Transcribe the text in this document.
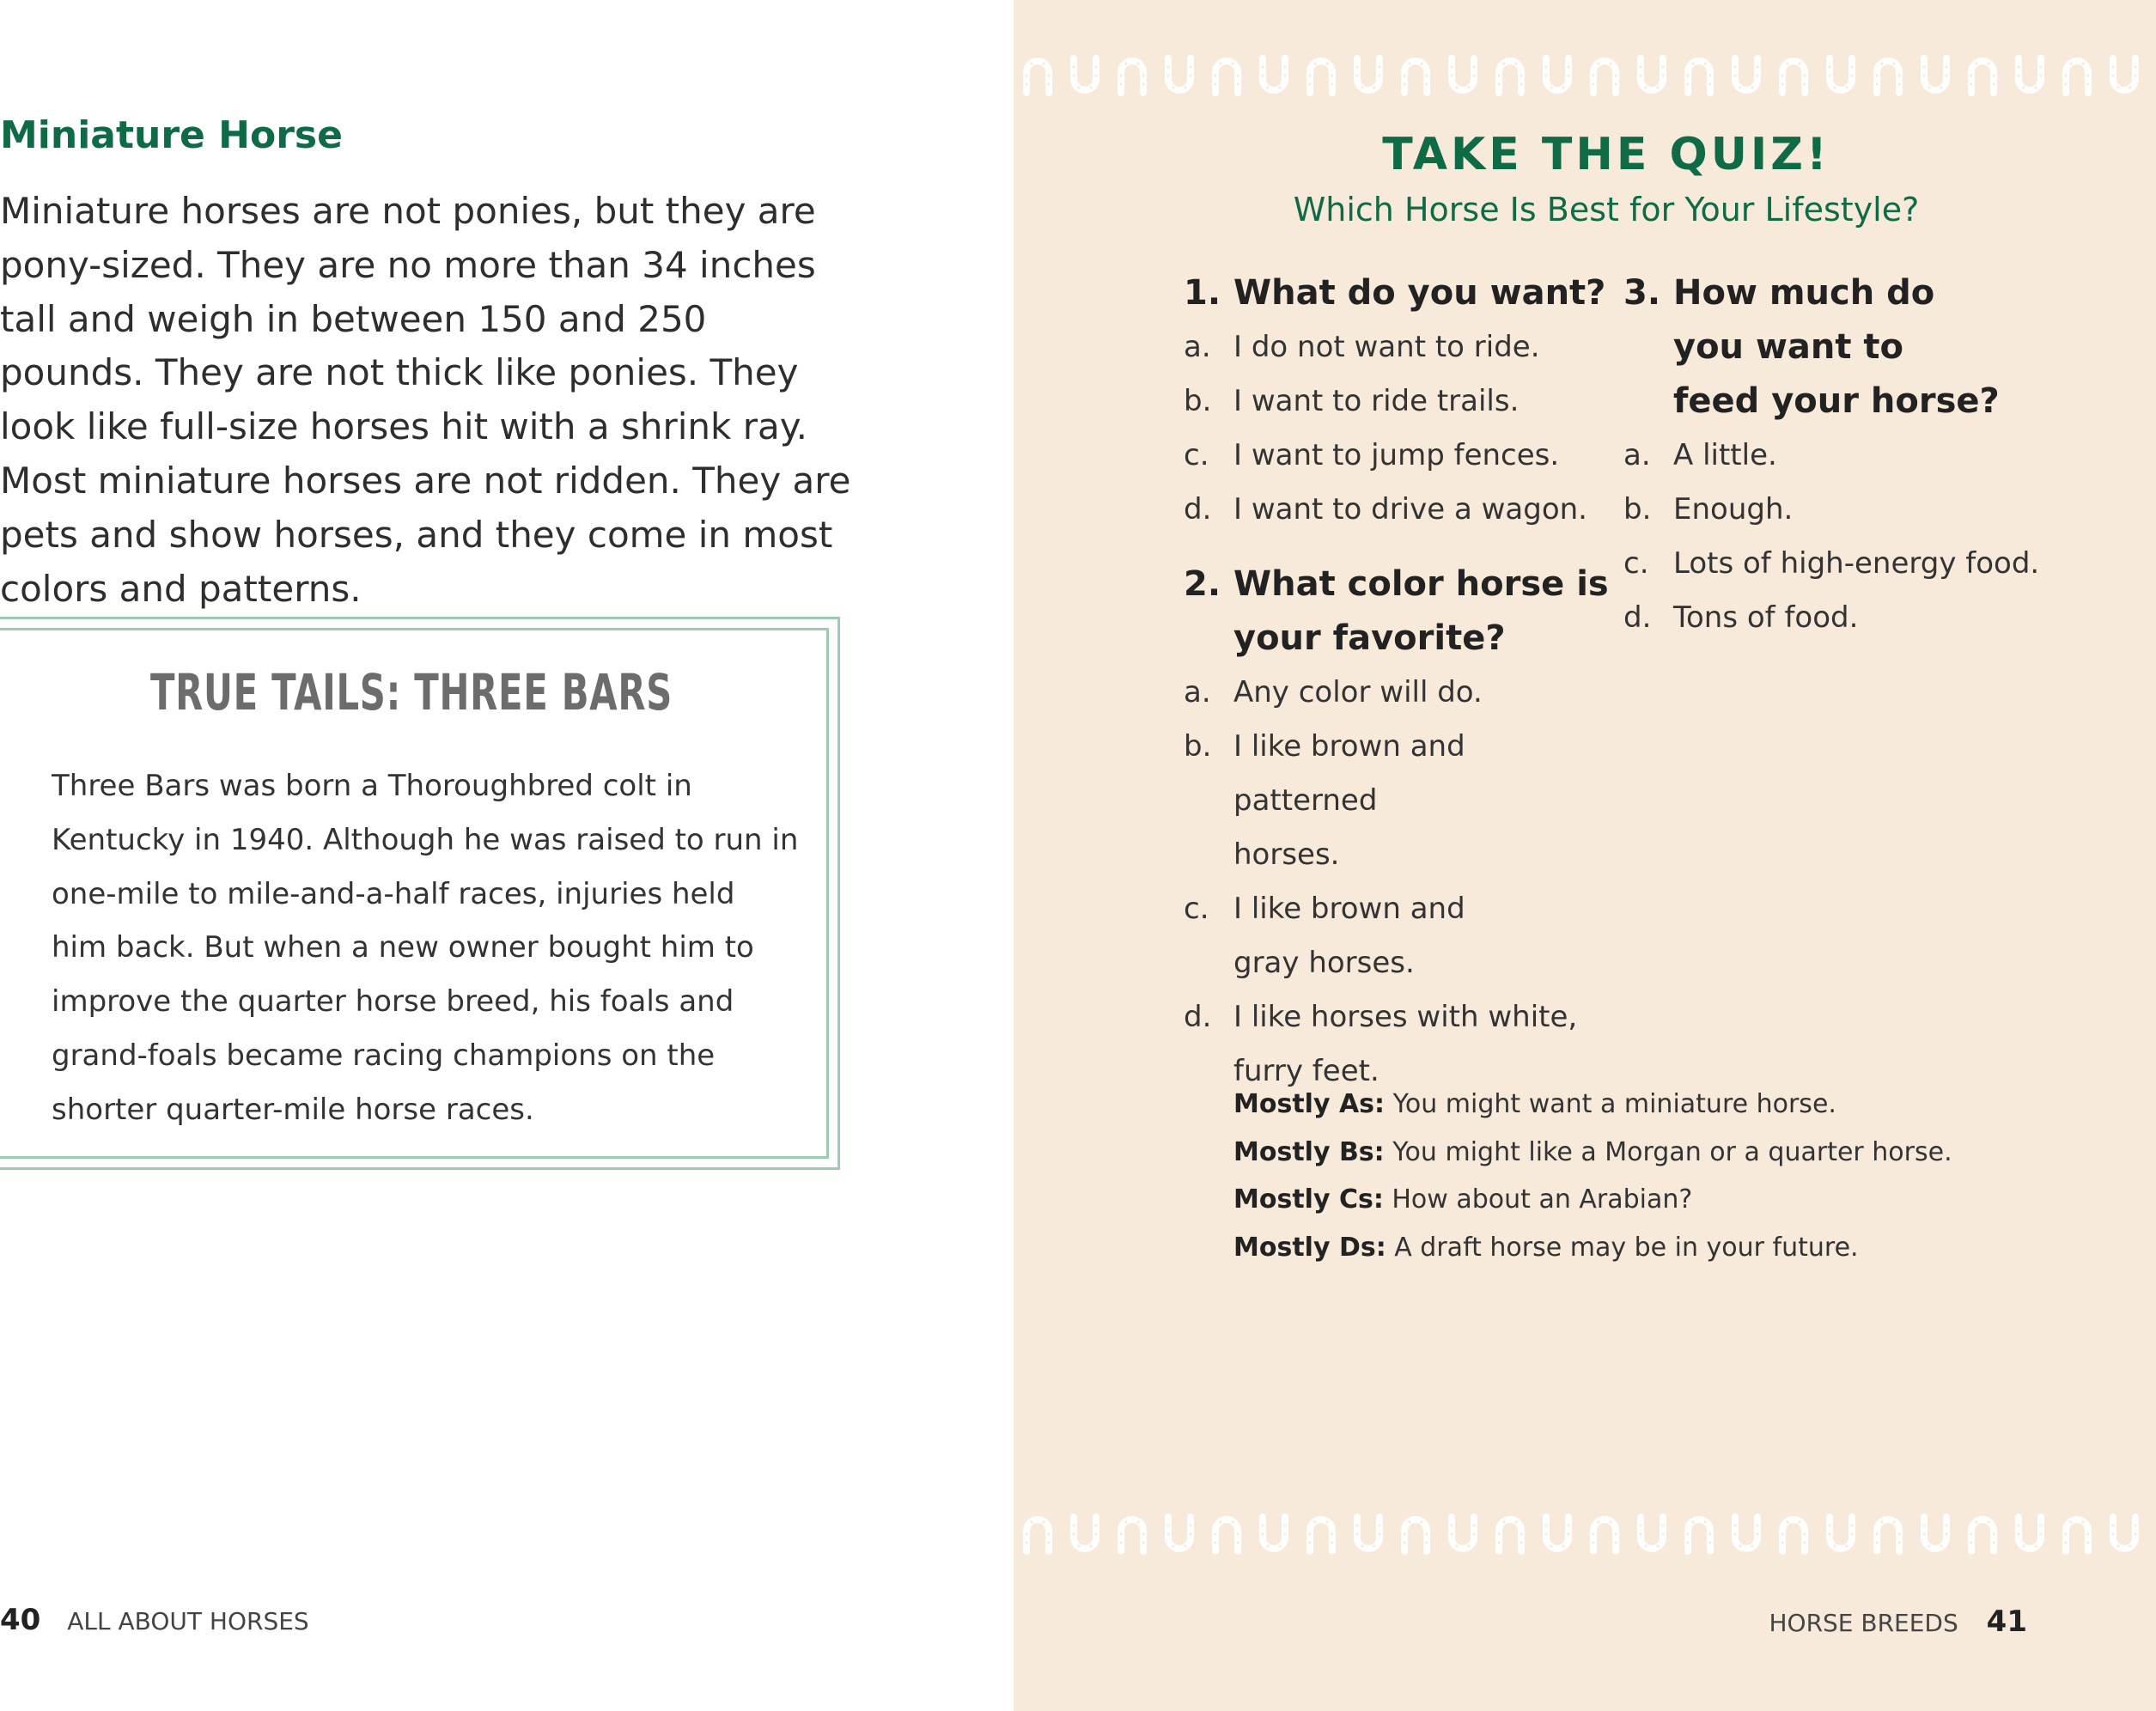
Miniature Horse

Miniature horses are not ponies, but they are pony-sized. They are no more than 34 inches tall and weigh in between 150 and 250 pounds. They are not thick like ponies. They look like full-size horses hit with a shrink ray. Most miniature horses are not ridden. They are pets and show horses, and they come in most colors and patterns.

TRUE TAILS: THREE BARS

Three Bars was born a Thoroughbred colt in Kentucky in 1940. Although he was raised to run in one-mile to mile-and-a-half races, injuries held him back. But when a new owner bought him to improve the quarter horse breed, his foals and grand-foals became racing champions on the shorter quarter-mile horse races.

40 ALL ABOUT HORSES
TAKE THE QUIZ!
Which Horse Is Best for Your Lifestyle?
1. What do you want?
a. I do not want to ride.
b. I want to ride trails.
c. I want to jump fences.
d. I want to drive a wagon.
2. What color horse is your favorite?
a. Any color will do.
b. I like brown and patterned horses.
c. I like brown and gray horses.
d. I like horses with white, furry feet.
3. How much do you want to feed your horse?
a. A little.
b. Enough.
c. Lots of high-energy food.
d. Tons of food.
Mostly As: You might want a miniature horse.
Mostly Bs: You might like a Morgan or a quarter horse.
Mostly Cs: How about an Arabian?
Mostly Ds: A draft horse may be in your future.
HORSE BREEDS 41
